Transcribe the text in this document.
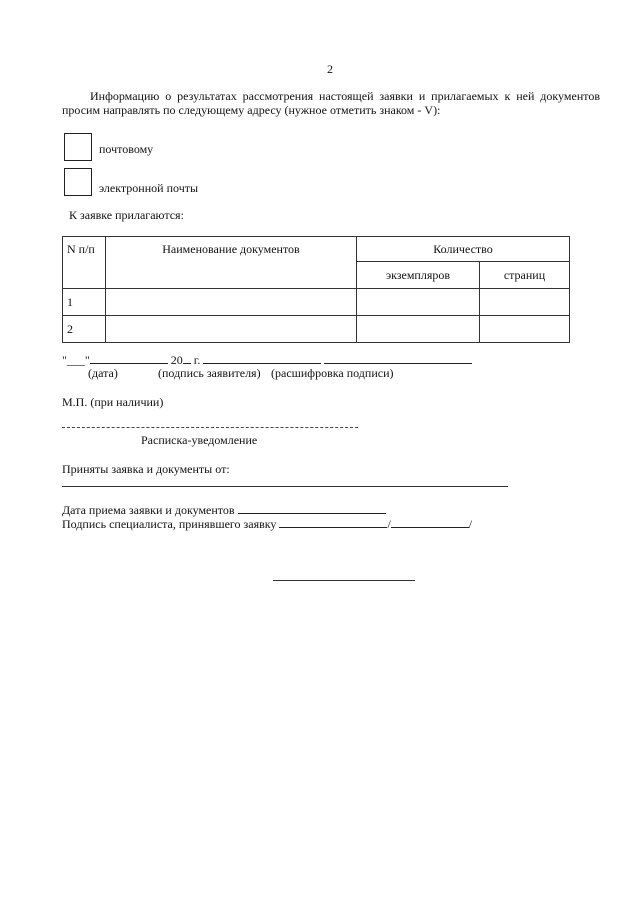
2
Информацию о результатах рассмотрения настоящей заявки и прилагаемых к ней документов просим направлять по следующему адресу (нужное отметить знаком - V):
почтовому
электронной почты
К заявке прилагаются:
N п/п	Наименование документов	Количество	
		экземпляров	страниц
1			
2			
"___"	20 г.
(дата)	(подпись заявителя) (расшифровка подписи)
М.П. (при наличии)
Расписка-уведомление
Приняты заявка и документы от:
Дата приема заявки и документов
Подпись специалиста, принявшего заявку	/	/
